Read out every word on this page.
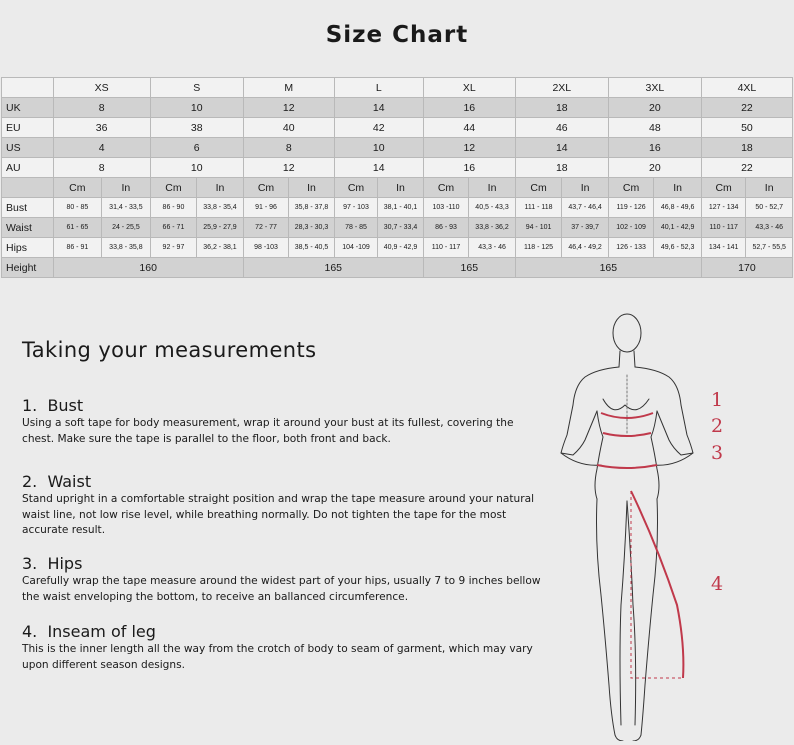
Size Chart
	XS		S		M		L		XL		2XL		3XL		4XL	
UK	8		10		12		14		16		18		20		22	
EU	36		38		40		42		44		46		48		50	
US	4		6		8		10		12		14		16		18	
AU	8		10		12		14		16		18		20		22	
	Cm	In	Cm	In	Cm	In	Cm	In	Cm	In	Cm	In	Cm	In	Cm	In
Bust	80 - 85	31,4 - 33,5	86 - 90	33,8 - 35,4	91 - 96	35,8 - 37,8	97 - 103	38,1 - 40,1	103 -110	40,5 - 43,3	111 - 118	43,7 - 46,4	119 - 126	46,8 - 49,6	127 - 134	50 - 52,7
Waist	61 - 65	24 - 25,5	66 - 71	25,9 - 27,9	72 - 77	28,3 - 30,3	78 - 85	30,7 - 33,4	86 - 93	33,8 - 36,2	94 - 101	37 - 39,7	102 - 109	40,1 - 42,9	110 - 117	43,3 - 46
Hips	86 - 91	33,8 - 35,8	92 - 97	36,2 - 38,1	98 -103	38,5 - 40,5	104 -109	40,9 - 42,9	110 - 117	43,3 - 46	118 - 125	46,4 - 49,2	126 - 133	49,6 - 52,3	134 - 141	52,7 - 55,5
Height	160				165				165		165				170	
Taking your measurements
1. Bust
Using a soft tape for body measurement, wrap it around your bust at its fullest, covering the chest. Make sure the tape is parallel to the floor, both front and back.
2. Waist
Stand upright in a comfortable straight position and wrap the tape measure around your natural waist line, not low rise level, while breathing normally. Do not tighten the tape for the most accurate result.
3. Hips
Carefully wrap the tape measure around the widest part of your hips, usually 7 to 9 inches bellow the waist enveloping the bottom, to receive an ballanced circumference.
4. Inseam of leg
This is the inner length all the way from the crotch of body to seam of garment, which may vary upon different season designs.
1
2
3
4
